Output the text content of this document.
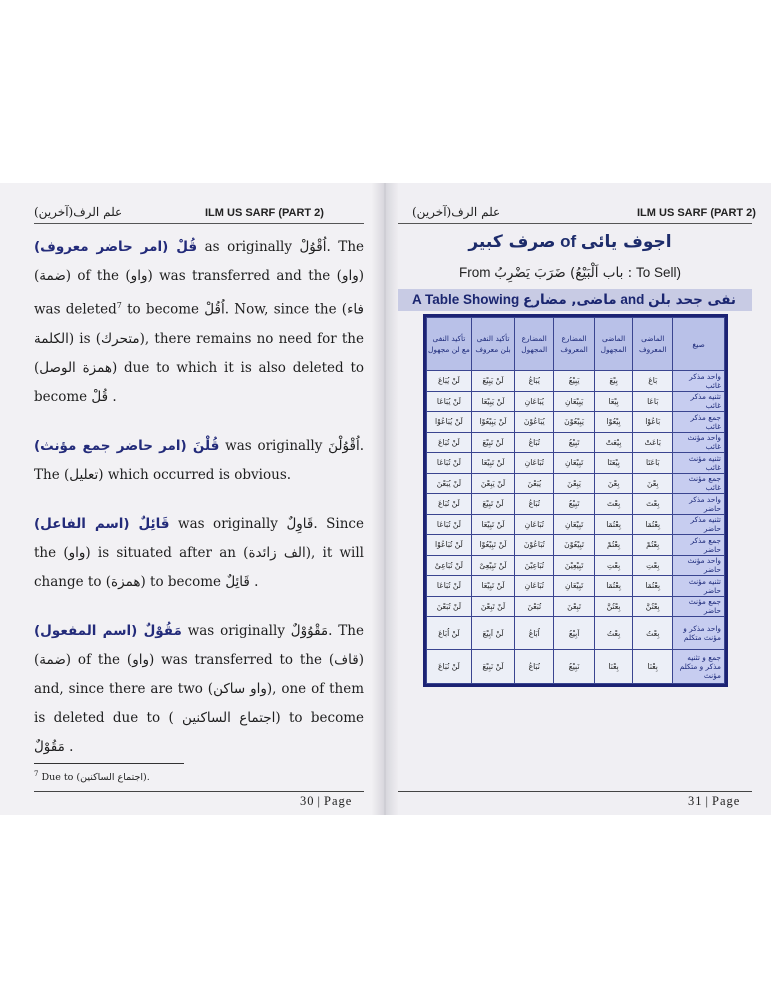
ILM US SARF (PART 2)
علم الرف(آخرين)

قُلْ (امر حاضر معروف) as originally اُقْوُلْ. The (ضمة) of the (واو) was transferred and the (واو) was deleted$^7$ to become اُقُلْ. Now, since the (فاء الكلمة) is (متحرك), there remains no need for the (همزة الوصل) due to which it is also deleted to become قُلْ .

قُلْنَ (امر حاضر جمع مؤنث) was originally اُقْوُلْنَ. The (تعليل) which occurred is obvious.

قَائِلٌ (اسم الفاعل) was originally قَاوِلٌ. Since the (واو) is situated after an (الف زائدة), it will change to (همزة) to become قَائِلٌ .

مَقُوْلٌ (اسم المفعول) was originally مَقْوُوْلٌ. The (ضمة) of the (واو) was transferred to the (قاف) and, since there are two (واو ساكن), one of them is deleted due to ( اجتماع الساكنين) to become مَقُوْلٌ .

$^7$ Due to (اجتماع الساكنين).
30 | Page
ILM US SARF (PART 2)
علم الرف(آخرين)
صرف کبیر of اجوف یائی
From باب اَلْبَیْعُ) ضَرَبَ یَضْرِبُ : To Sell)
A Table Showing ماضی, مضارع and نفی جحد بلن
صیغ	الماضی المعروف	الماضی المجهول	المضارع المعروف	المضارع المجهول	تأکید النفی بلن معروف	تأکید النفی مع لن مجهول
واحد مذکر غائب	بَاعَ	بِیْعَ	یَبِیْعُ	یُبَاعُ	لَنْ یَبِیْعَ	لَنْ یُبَاعَ
تثنیه مذکر غائب	بَاعَا	بِیْعَا	یَبِیْعَانِ	یُبَاعَانِ	لَنْ یَبِیْعَا	لَنْ یُبَاعَا
جمع مذکر غائب	بَاعُوْا	بِیْعُوْا	یَبِیْعُوْنَ	یُبَاعُوْنَ	لَنْ یَبِیْعُوْا	لَنْ یُبَاعُوْا
واحد مؤنث غائب	بَاعَتْ	بِیْعَتْ	تَبِیْعُ	تُبَاعُ	لَنْ تَبِیْعَ	لَنْ تُبَاعَ
تثنیه مؤنث غائب	بَاعَتَا	بِیْعَتَا	تَبِیْعَانِ	تُبَاعَانِ	لَنْ تَبِیْعَا	لَنْ تُبَاعَا
جمع مؤنث غائب	بِعْنَ	بِعْنَ	یَبِعْنَ	یُبَعْنَ	لَنْ یَبِعْنَ	لَنْ یُبَعْنَ
واحد مذکر حاضر	بِعْتَ	بِعْتَ	تَبِیْعُ	تُبَاعُ	لَنْ تَبِیْعَ	لَنْ تُبَاعَ
تثنیه مذکر حاضر	بِعْتُمَا	بِعْتُمَا	تَبِیْعَانِ	تُبَاعَانِ	لَنْ تَبِیْعَا	لَنْ تُبَاعَا
جمع مذکر حاضر	بِعْتُمْ	بِعْتُمْ	تَبِیْعُوْنَ	تُبَاعُوْنَ	لَنْ تَبِیْعُوْا	لَنْ تُبَاعُوْا
واحد مؤنث حاضر	بِعْتِ	بِعْتِ	تَبِیْعِیْنَ	تُبَاعِیْنَ	لَنْ تَبِیْعِیْ	لَنْ تُبَاعِیْ
تثنیه مؤنث حاضر	بِعْتُمَا	بِعْتُمَا	تَبِیْعَانِ	تُبَاعَانِ	لَنْ تَبِیْعَا	لَنْ تُبَاعَا
جمع مؤنث حاضر	بِعْتُنَّ	بِعْتُنَّ	تَبِعْنَ	تُبَعْنَ	لَنْ تَبِعْنَ	لَنْ تُبَعْنَ
واحد مذکر و مؤنث متکلم	بِعْتُ	بِعْتُ	اَبِیْعُ	اُبَاعُ	لَنْ اَبِیْعَ	لَنْ اُبَاعَ
جمع و تثنیه مذکر و متکلم مؤنث	بِعْنَا	بِعْنَا	نَبِیْعُ	نُبَاعُ	لَنْ نَبِیْعَ	لَنْ نُبَاعَ
31 | Page
